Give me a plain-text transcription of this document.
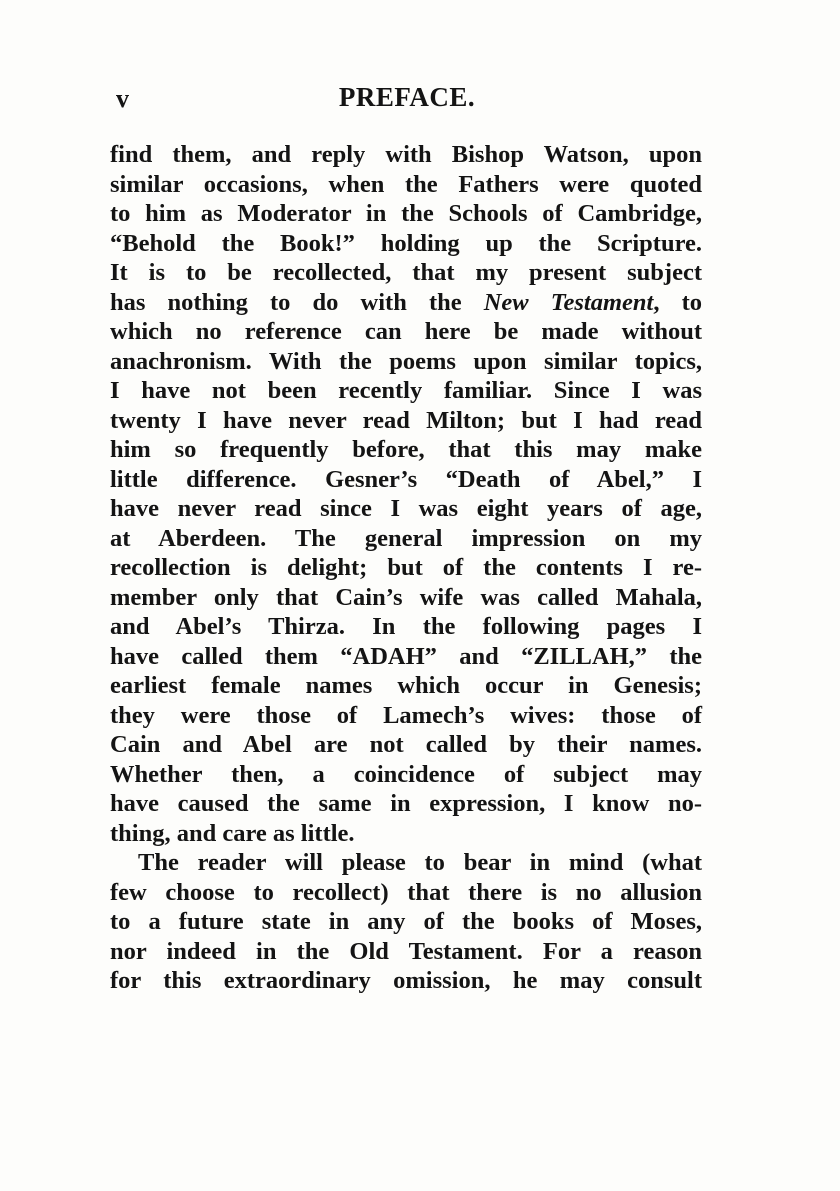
v	PREFACE.
find them, and reply with Bishop Watson, upon
similar occasions, when the Fathers were quoted
to him as Moderator in the Schools of Cambridge,
“Behold the Book!” holding up the Scripture.
It is to be recollected, that my present subject
has nothing to do with the New Testament, to
which no reference can here be made without
anachronism. With the poems upon similar topics,
I have not been recently familiar. Since I was
twenty I have never read Milton; but I had read
him so frequently before, that this may make
little difference. Gesner’s “Death of Abel,” I
have never read since I was eight years of age,
at Aberdeen. The general impression on my
recollection is delight; but of the contents I re-
member only that Cain’s wife was called Mahala,
and Abel’s Thirza. In the following pages I
have called them “ADAH” and “ZILLAH,” the
earliest female names which occur in Genesis;
they were those of Lamech’s wives: those of
Cain and Abel are not called by their names.
Whether then, a coincidence of subject may
have caused the same in expression, I know no-
thing, and care as little.
The reader will please to bear in mind (what
few choose to recollect) that there is no allusion
to a future state in any of the books of Moses,
nor indeed in the Old Testament. For a reason
for this extraordinary omission, he may consult
